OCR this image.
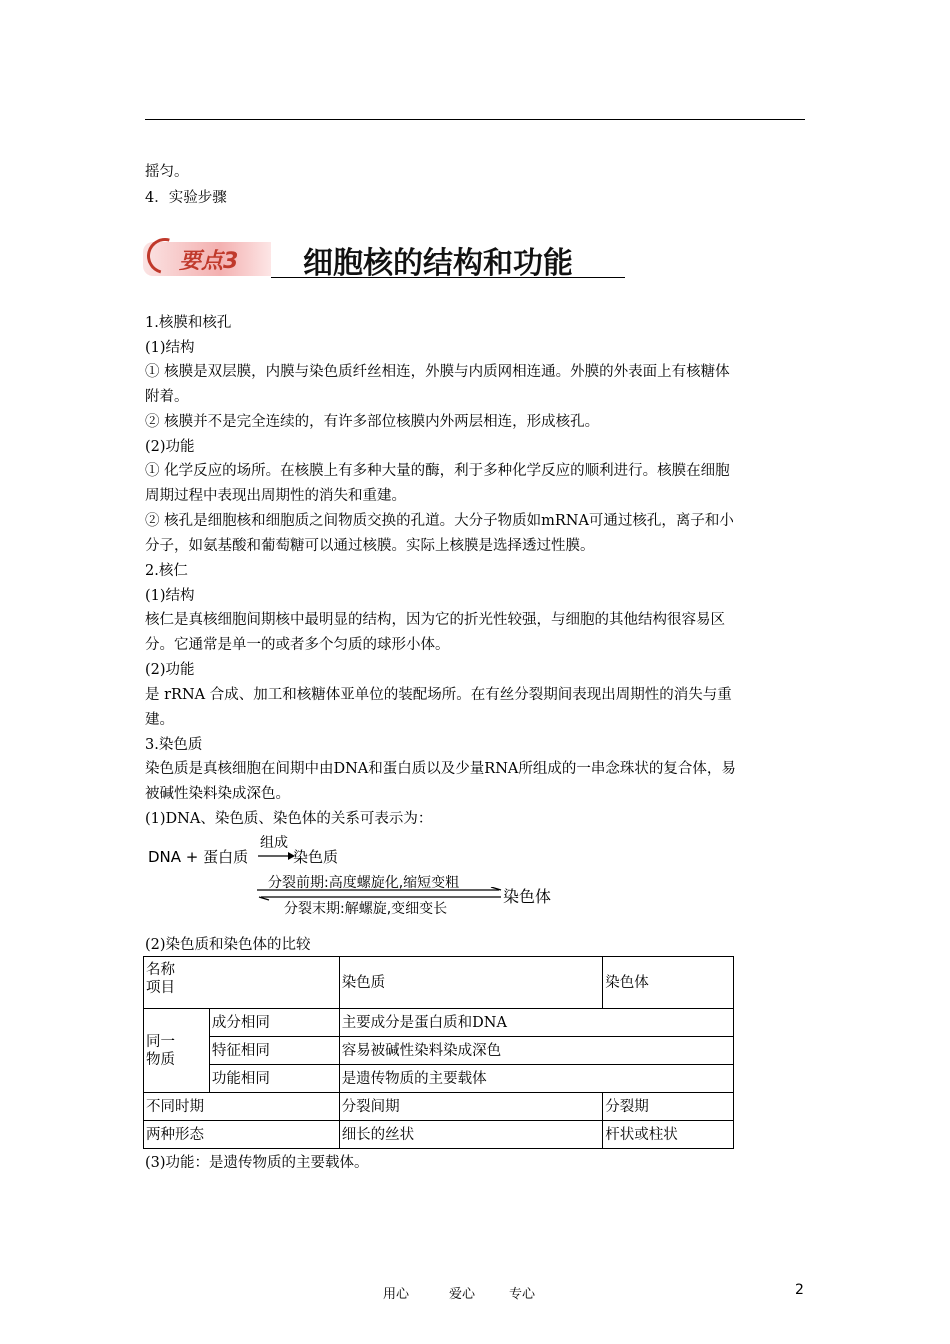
摇匀。
4．实验步骤
要点3 细胞核的结构和功能
1.核膜和核孔
(1)结构
① 核膜是双层膜，内膜与染色质纤丝相连，外膜与内质网相连通。外膜的外表面上有核糖体
附着。
② 核膜并不是完全连续的，有许多部位核膜内外两层相连，形成核孔。
(2)功能
① 化学反应的场所。在核膜上有多种大量的酶，利于多种化学反应的顺利进行。核膜在细胞
周期过程中表现出周期性的消失和重建。
② 核孔是细胞核和细胞质之间物质交换的孔道。大分子物质如mRNA可通过核孔，离子和小
分子，如氨基酸和葡萄糖可以通过核膜。实际上核膜是选择透过性膜。
2.核仁
(1)结构
核仁是真核细胞间期核中最明显的结构，因为它的折光性较强，与细胞的其他结构很容易区
分。它通常是单一的或者多个匀质的球形小体。
(2)功能
是 rRNA 合成、加工和核糖体亚单位的装配场所。在有丝分裂期间表现出周期性的消失与重
建。
3.染色质
染色质是真核细胞在间期中由DNA和蛋白质以及少量RNA所组成的一串念珠状的复合体，易
被碱性染料染成深色。
(1)DNA、染色质、染色体的关系可表示为：
DNA + 蛋白质
组成
染色质
分裂前期:高度螺旋化,缩短变粗
染色体
分裂末期:解螺旋,变细变长
(2)染色质和染色体的比较
名称
项目		染色质	染色体

同一
物质	成分相同	主要成分是蛋白质和DNA	
	特征相同	容易被碱性染料染成深色	
	功能相同	是遗传物质的主要载体	
不同时期		分裂间期	分裂期
两种形态		细长的丝状	杆状或柱状
(3)功能：是遗传物质的主要载体。
用心	爱心	专心	2
